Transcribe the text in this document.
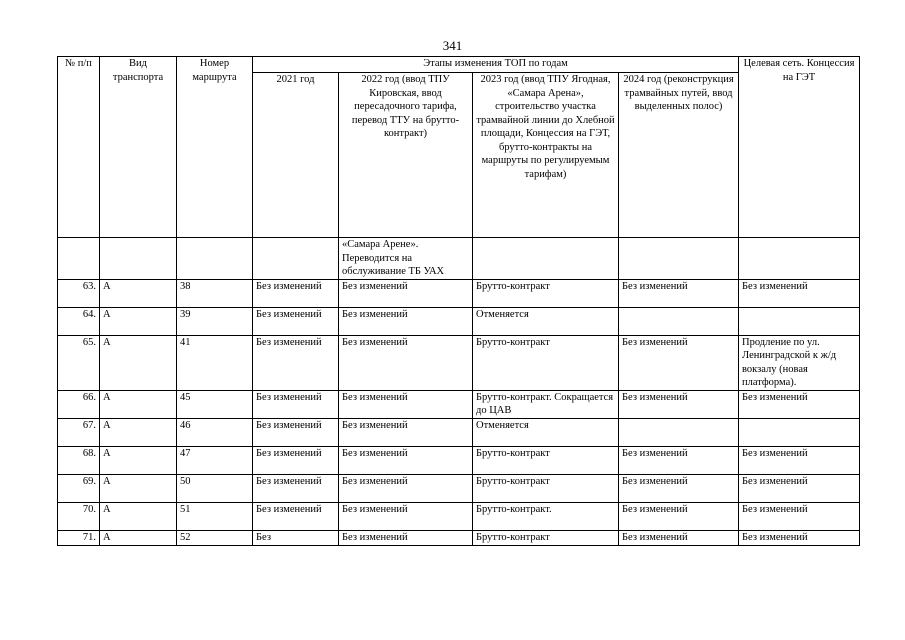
341
№ п/п	Вид транспорта	Номер маршрута	Этапы изменения ТОП по годам				Целевая сеть. Концессия на ГЭТ
			2021 год	2022 год (ввод ТПУ Кировская, ввод пересадочного тарифа, перевод ТТУ на брутто-контракт)	2023 год (ввод ТПУ Ягодная, «Самара Арена», строительство участка трамвайной линии до Хлебной площади, Концессия на ГЭТ, брутто-контракты на маршруты по регулируемым тарифам)	2024 год (реконструкция трамвайных путей, ввод выделенных полос)	
				«Самара Арене». Переводится на обслуживание ТБ УАХ			
63.	А	38	Без изменений	Без изменений	Брутто-контракт	Без изменений	Без изменений
64.	А	39	Без изменений	Без изменений	Отменяется		
65.	А	41	Без изменений	Без изменений	Брутто-контракт	Без изменений	Продление по ул. Ленинградской к ж/д вокзалу (новая платформа).
66.	А	45	Без изменений	Без изменений	Брутто-контракт. Сокращается до ЦАВ	Без изменений	Без изменений
67.	А	46	Без изменений	Без изменений	Отменяется		
68.	А	47	Без изменений	Без изменений	Брутто-контракт	Без изменений	Без изменений
69.	А	50	Без изменений	Без изменений	Брутто-контракт	Без изменений	Без изменений
70.	А	51	Без изменений	Без изменений	Брутто-контракт.	Без изменений	Без изменений
71.	А	52	Без	Без изменений	Брутто-контракт	Без изменений	Без изменений
